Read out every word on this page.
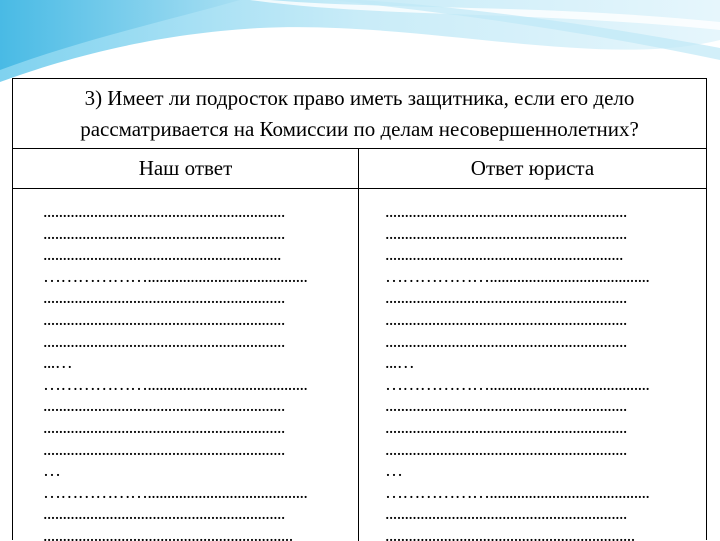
3) Имеет ли подросток право иметь защитника, если его дело
рассматривается на Комиссии по делам несовершеннолетних?
Наш ответ	Ответ юриста
..............................................................
..............................................................
.............................................................
……………….........................................
..............................................................
..............................................................
..............................................................
...…
……………….........................................
..............................................................
..............................................................
..............................................................
…
……………….........................................
..............................................................
................................................................
..............................................................
..............................................................
.............................................................
……………….........................................
..............................................................
..............................................................
..............................................................
...…
……………….........................................
..............................................................
..............................................................
..............................................................
…
……………….........................................
..............................................................
................................................................
